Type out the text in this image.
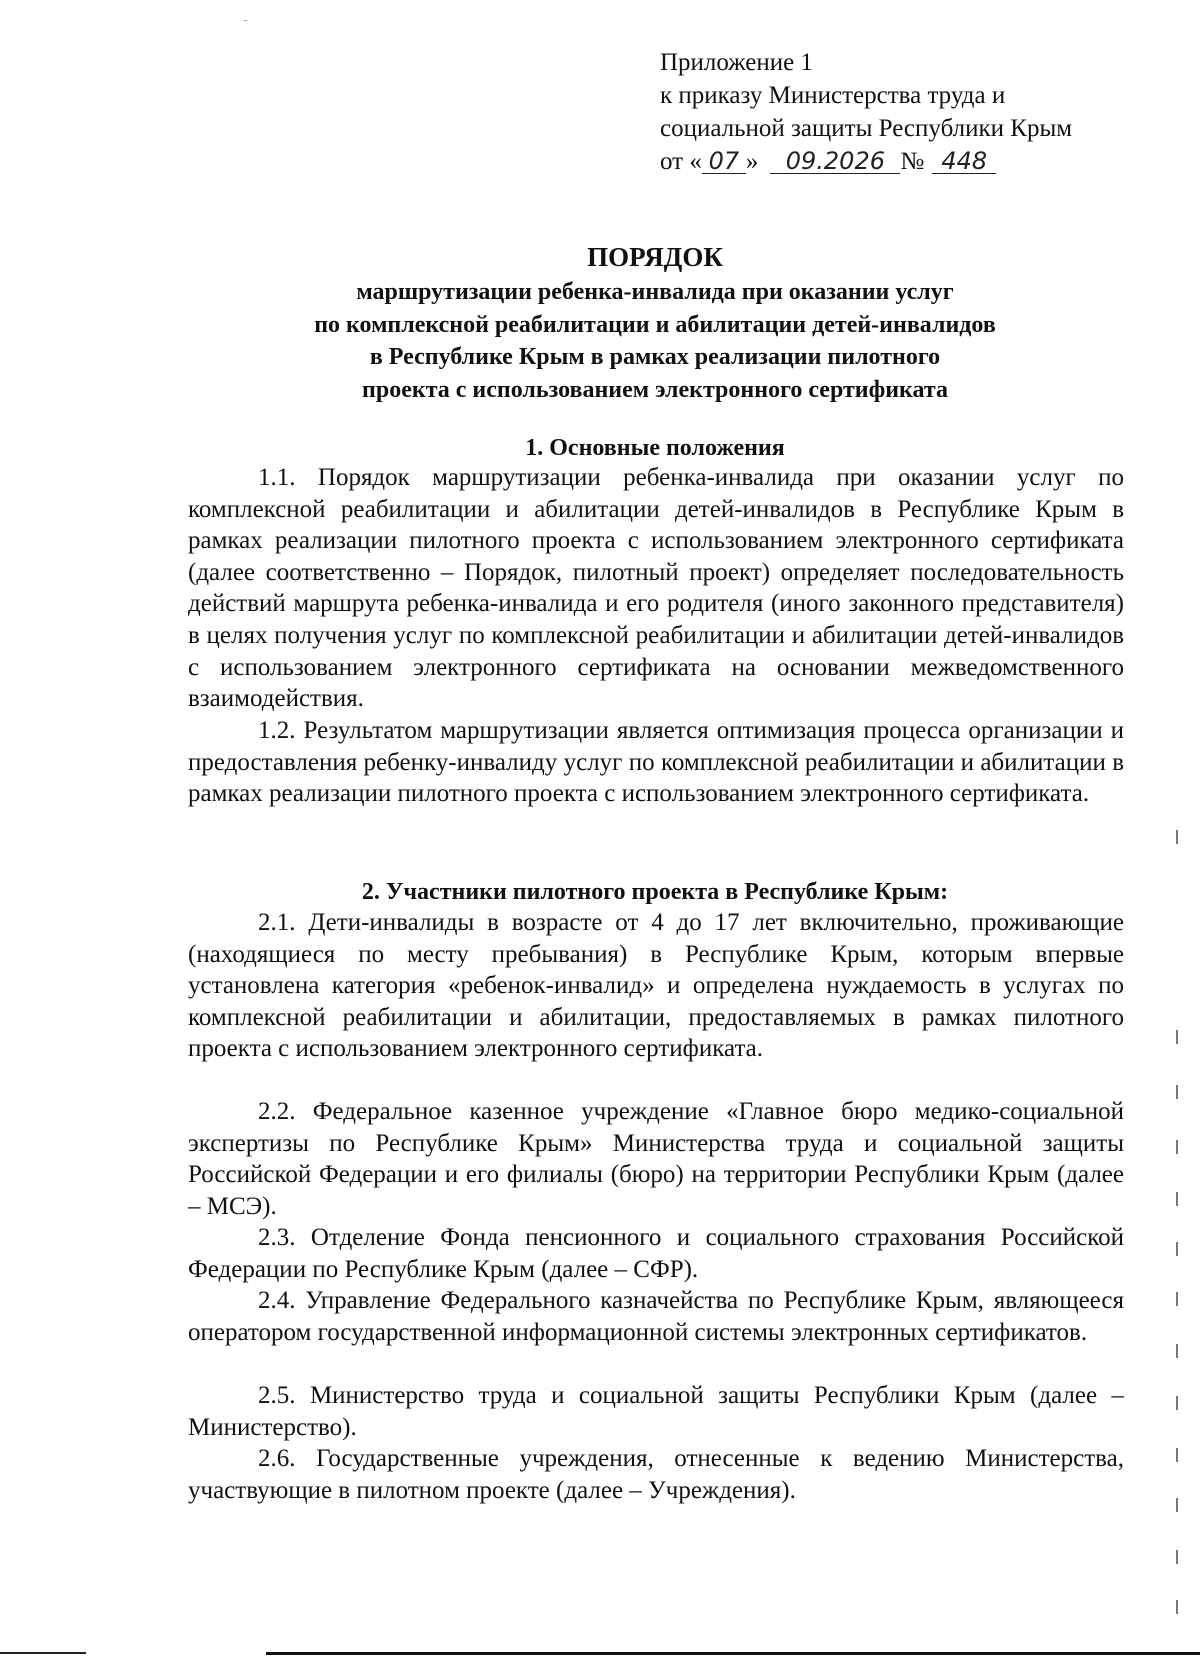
Приложение 1
к приказу Министерства труда и
социальной защиты Республики Крым
от « 07 » 09.2026 № 448
ПОРЯДОК
маршрутизации ребенка-инвалида при оказании услуг
по комплексной реабилитации и абилитации детей-инвалидов
в Республике Крым в рамках реализации пилотного
проекта с использованием электронного сертификата
1. Основные положения
1.1. Порядок маршрутизации ребенка-инвалида при оказании услуг по комплексной реабилитации и абилитации детей-инвалидов в Республике Крым в рамках реализации пилотного проекта с использованием электронного сертификата (далее соответственно – Порядок, пилотный проект) определяет последовательность действий маршрута ребенка-инвалида и его родителя (иного законного представителя) в целях получения услуг по комплексной реабилитации и абилитации детей-инвалидов с использованием электронного сертификата на основании межведомственного взаимодействия.
1.2. Результатом маршрутизации является оптимизация процесса организации и предоставления ребенку-инвалиду услуг по комплексной реабилитации и абилитации в рамках реализации пилотного проекта с использованием электронного сертификата.
2. Участники пилотного проекта в Республике Крым:
2.1. Дети-инвалиды в возрасте от 4 до 17 лет включительно, проживающие (находящиеся по месту пребывания) в Республике Крым, которым впервые установлена категория «ребенок-инвалид» и определена нуждаемость в услугах по комплексной реабилитации и абилитации, предоставляемых в рамках пилотного проекта с использованием электронного сертификата.
2.2. Федеральное казенное учреждение «Главное бюро медико-социальной экспертизы по Республике Крым» Министерства труда и социальной защиты Российской Федерации и его филиалы (бюро) на территории Республики Крым (далее – МСЭ).
2.3. Отделение Фонда пенсионного и социального страхования Российской Федерации по Республике Крым (далее – СФР).
2.4. Управление Федерального казначейства по Республике Крым, являющееся оператором государственной информационной системы электронных сертификатов.
2.5. Министерство труда и социальной защиты Республики Крым (далее – Министерство).
2.6. Государственные учреждения, отнесенные к ведению Министерства, участвующие в пилотном проекте (далее – Учреждения).
